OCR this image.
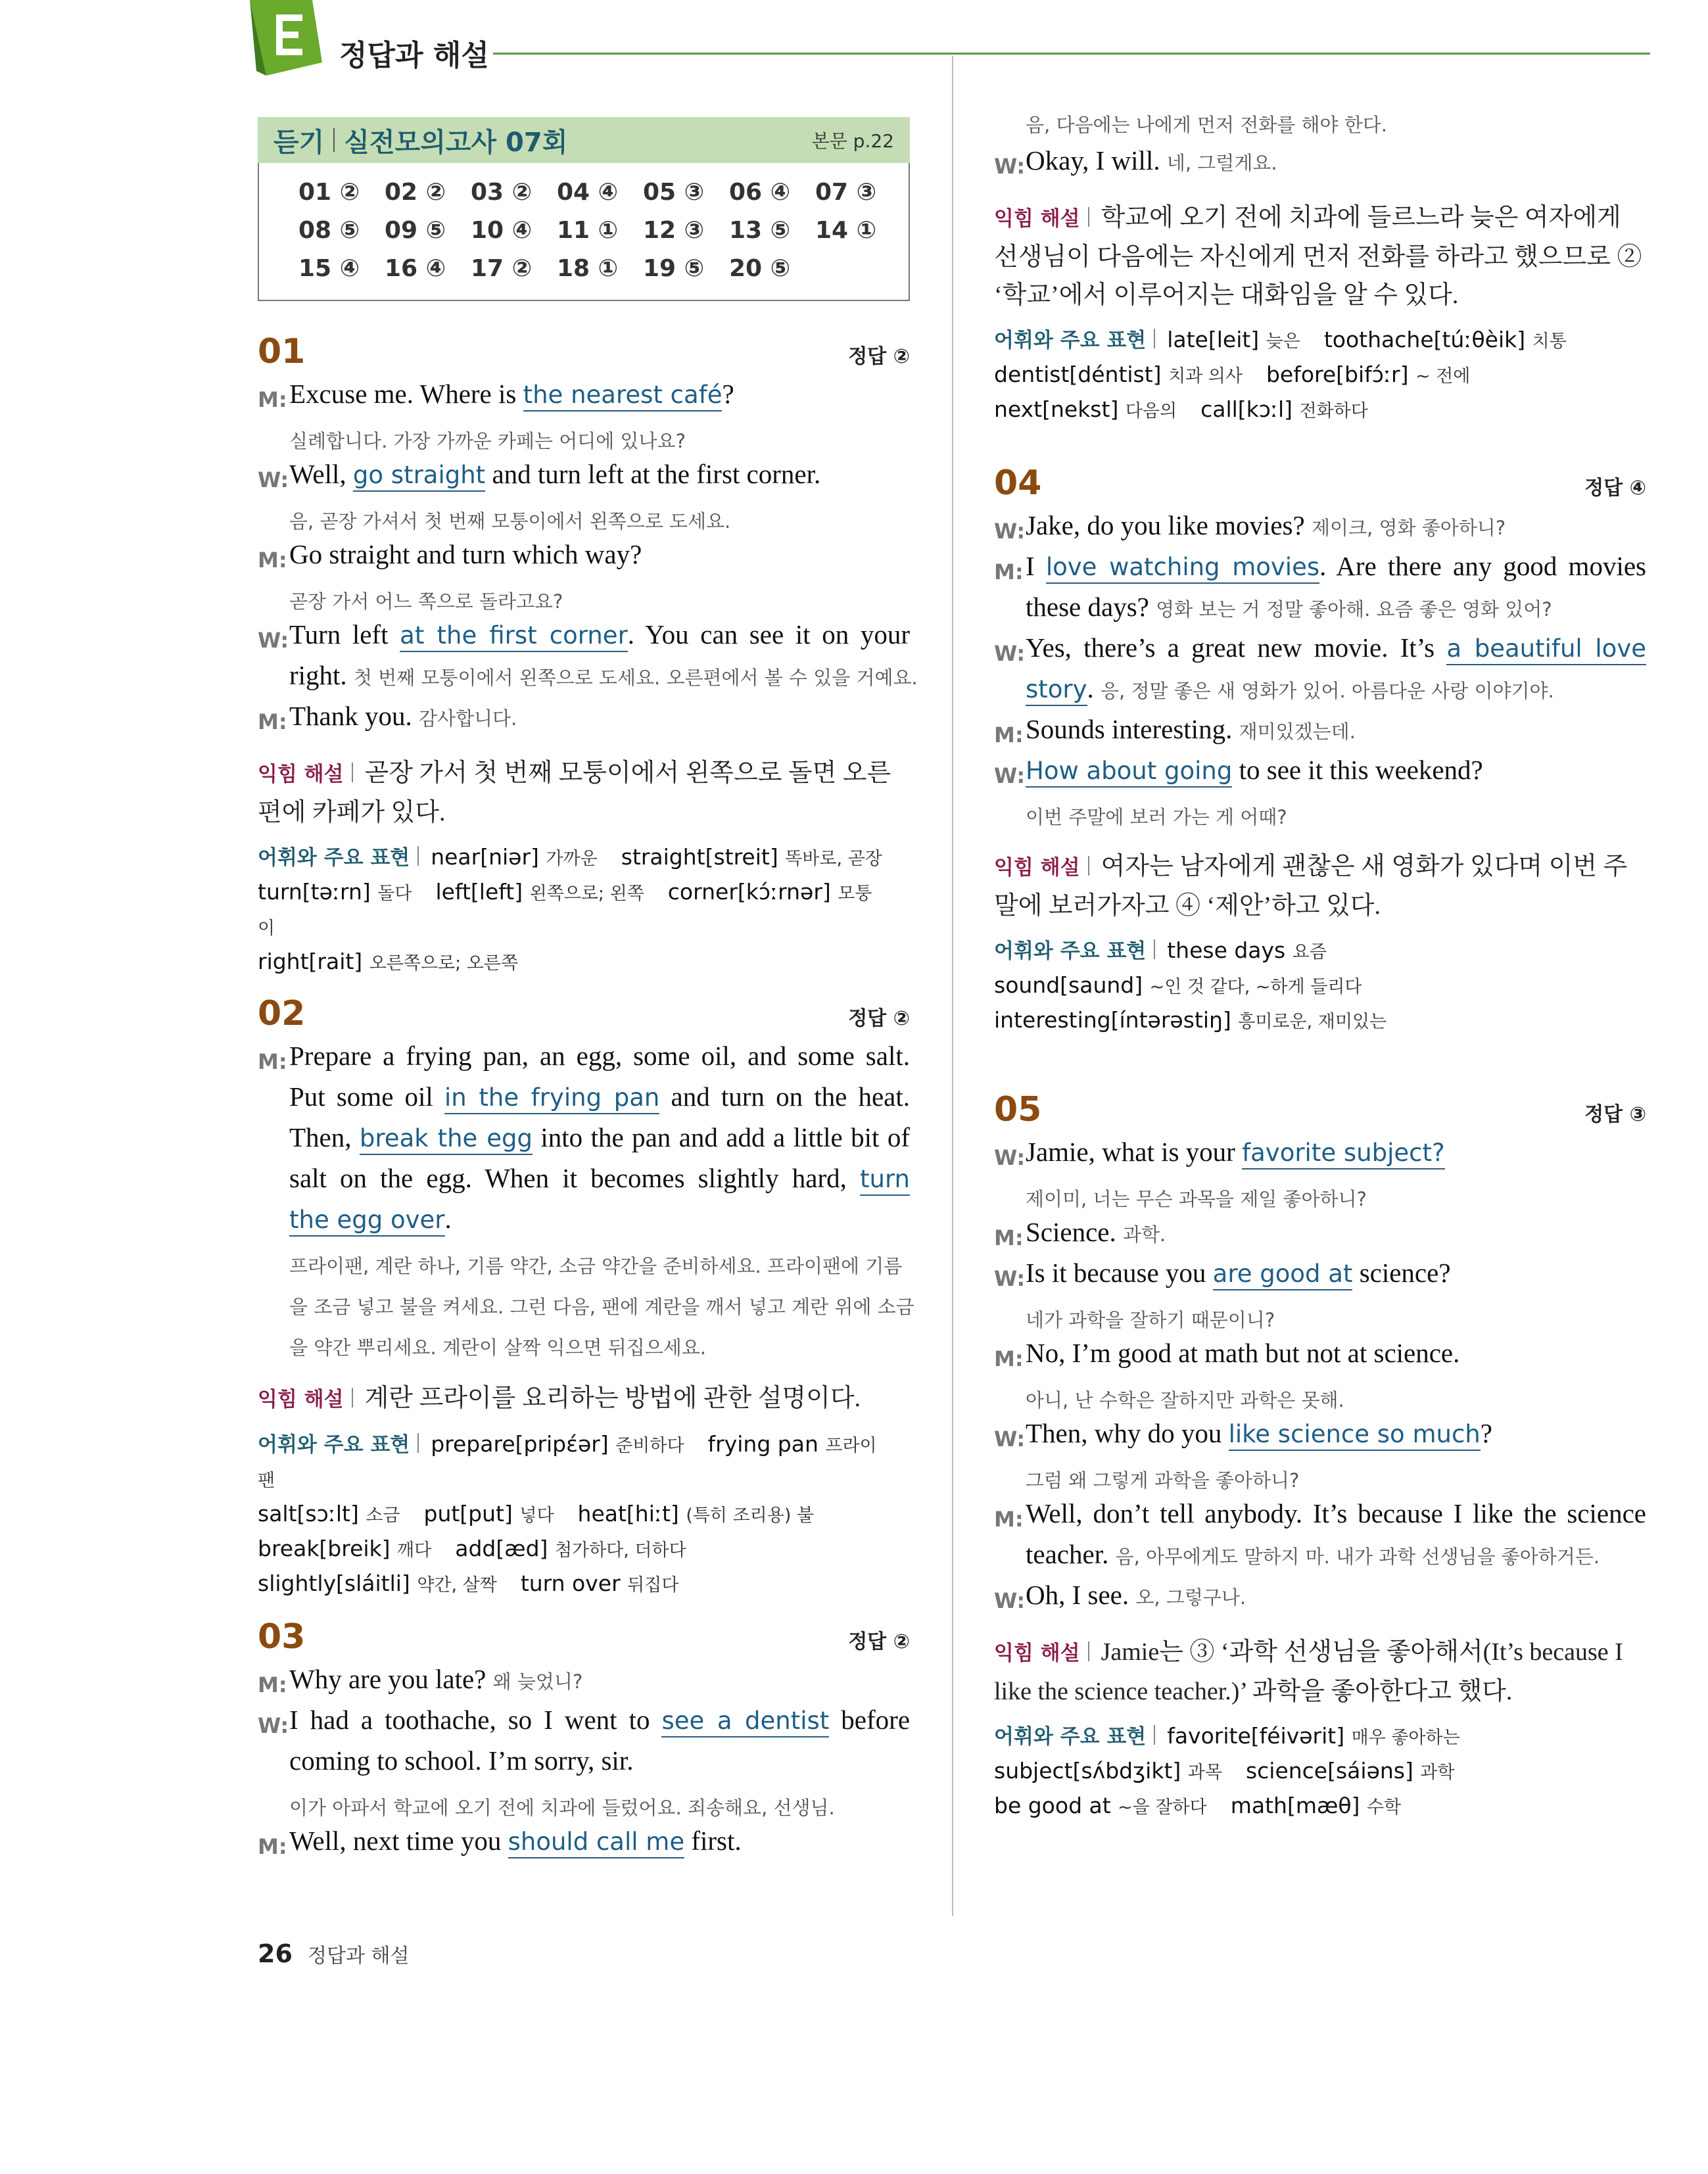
정답과 해설
듣기 실전모의고사 07회	본문 p.22
01 ②	02 ②	03 ②	04 ④	05 ③	06 ④	07 ③
08 ⑤	09 ⑤	10 ④	11 ①	12 ③	13 ⑤	14 ①
15 ④	16 ④	17 ②	18 ①	19 ⑤	20 ⑤
01	정답 ②
M: Excuse me. Where is the nearest café?
실례합니다. 가장 가까운 카페는 어디에 있나요?
W: Well, go straight and turn left at the first corner.
음, 곧장 가셔서 첫 번째 모퉁이에서 왼쪽으로 도세요.
M: Go straight and turn which way?
곧장 가서 어느 쪽으로 돌라고요?
W: Turn left at the first corner. You can see it on your
right. 첫 번째 모퉁이에서 왼쪽으로 도세요. 오른편에서 볼 수 있을 거예요.
M: Thank you. 감사합니다.
익힘 해설 곧장 가서 첫 번째 모퉁이에서 왼쪽으로 돌면 오른편에 카페가 있다.
어휘와 주요 표현 near[niər] 가까운 straight[streit] 똑바로, 곧장
turn[təːrn] 돌다 left[left] 왼쪽으로; 왼쪽 corner[kɔ́ːrnər] 모퉁이
right[rait] 오른쪽으로; 오른쪽
02	정답 ②
M: Prepare a frying pan, an egg, some oil, and some salt.
Put some oil in the frying pan and turn on the heat.
Then, break the egg into the pan and add a little bit of
salt on the egg. When it becomes slightly hard, turn
the egg over.
프라이팬, 계란 하나, 기름 약간, 소금 약간을 준비하세요. 프라이팬에 기름
을 조금 넣고 불을 켜세요. 그런 다음, 팬에 계란을 깨서 넣고 계란 위에 소금
을 약간 뿌리세요. 계란이 살짝 익으면 뒤집으세요.
익힘 해설 계란 프라이를 요리하는 방법에 관한 설명이다.
어휘와 주요 표현 prepare[pripέər] 준비하다 frying pan 프라이팬
salt[sɔːlt] 소금 put[put] 넣다 heat[hiːt] (특히 조리용) 불
break[breik] 깨다 add[æd] 첨가하다, 더하다
slightly[sláitli] 약간, 살짝 turn over 뒤집다
03	정답 ②
M: Why are you late? 왜 늦었니?
W: I had a toothache, so I went to see a dentist before
coming to school. I’m sorry, sir.
이가 아파서 학교에 오기 전에 치과에 들렀어요. 죄송해요, 선생님.
M: Well, next time you should call me first.
음, 다음에는 나에게 먼저 전화를 해야 한다.
W: Okay, I will. 네, 그럴게요.
익힘 해설 학교에 오기 전에 치과에 들르느라 늦은 여자에게 선생님이 다음에는 자신에게 먼저 전화를 하라고 했으므로 ② ‘학교’에서 이루어지는 대화임을 알 수 있다.
어휘와 주요 표현 late[leit] 늦은 toothache[túːθèik] 치통
dentist[déntist] 치과 의사 before[bifɔ́ːr] ~ 전에
next[nekst] 다음의 call[kɔːl] 전화하다
04	정답 ④
W: Jake, do you like movies? 제이크, 영화 좋아하니?
M: I love watching movies. Are there any good movies
these days? 영화 보는 거 정말 좋아해. 요즘 좋은 영화 있어?
W: Yes, there’s a great new movie. It’s a beautiful love
story. 응, 정말 좋은 새 영화가 있어. 아름다운 사랑 이야기야.
M: Sounds interesting. 재미있겠는데.
W: How about going to see it this weekend?
이번 주말에 보러 가는 게 어때?
익힘 해설 여자는 남자에게 괜찮은 새 영화가 있다며 이번 주말에 보러가자고 ④ ‘제안’하고 있다.
어휘와 주요 표현 these days 요즘
sound[saund] ~인 것 같다, ~하게 들리다
interesting[íntərəstiŋ] 흥미로운, 재미있는
05	정답 ③
W: Jamie, what is your favorite subject?
제이미, 너는 무슨 과목을 제일 좋아하니?
M: Science. 과학.
W: Is it because you are good at science?
네가 과학을 잘하기 때문이니?
M: No, I’m good at math but not at science.
아니, 난 수학은 잘하지만 과학은 못해.
W: Then, why do you like science so much?
그럼 왜 그렇게 과학을 좋아하니?
M: Well, don’t tell anybody. It’s because I like the science
teacher. 음, 아무에게도 말하지 마. 내가 과학 선생님을 좋아하거든.
W: Oh, I see. 오, 그렇구나.
익힘 해설 Jamie는 ③ ‘과학 선생님을 좋아해서(It’s because I like the science teacher.)’ 과학을 좋아한다고 했다.
어휘와 주요 표현 favorite[féivərit] 매우 좋아하는
subject[sʌ́bdʒikt] 과목 science[sáiəns] 과학
be good at ~을 잘하다 math[mæθ] 수학
26 정답과 해설
